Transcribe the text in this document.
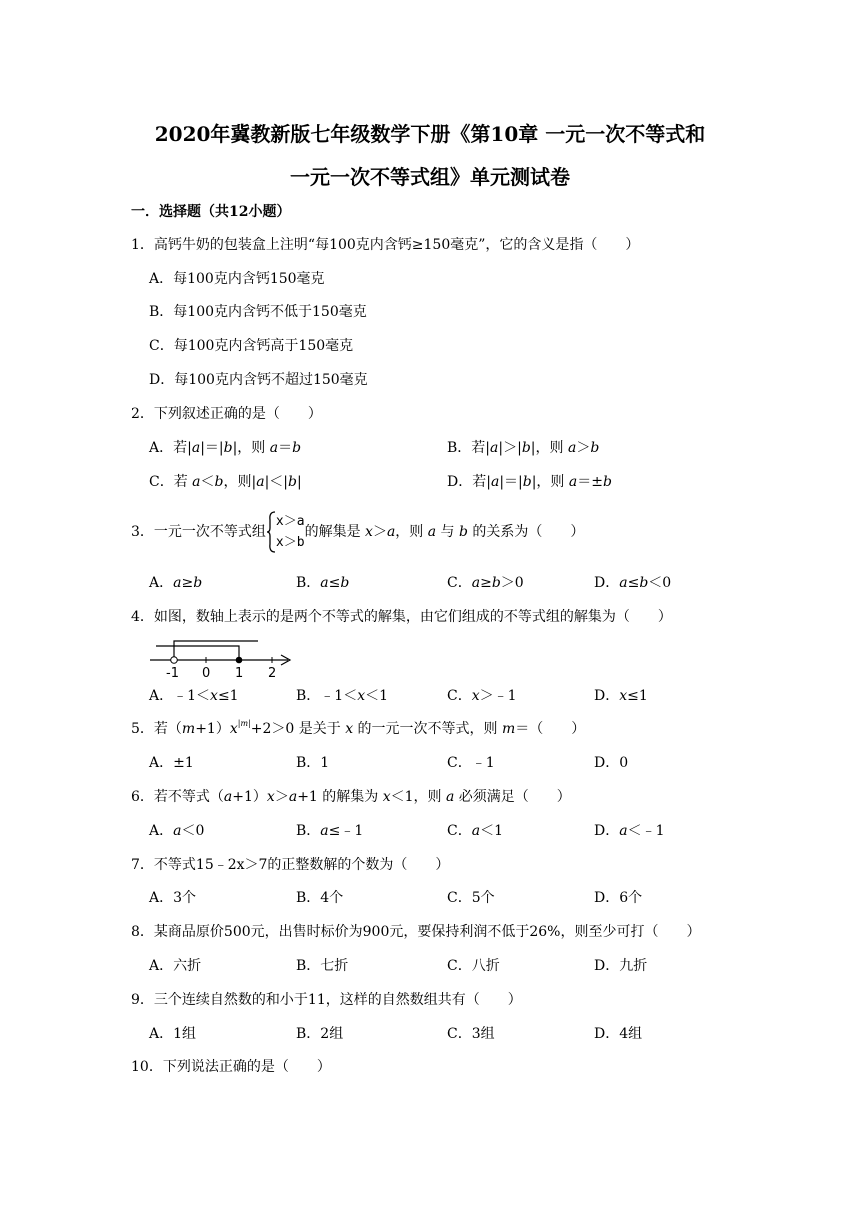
2020年冀教新版七年级数学下册《第10章 一元一次不等式和
一元一次不等式组》单元测试卷
一．选择题（共12小题）
1．高钙牛奶的包装盒上注明“每100克内含钙≥150毫克”，它的含义是指（　　）
A．每100克内含钙150毫克
B．每100克内含钙不低于150毫克
C．每100克内含钙高于150毫克
D．每100克内含钙不超过150毫克
2．下列叙述正确的是（　　）
A．若|a|＝|b|，则 a＝b	B．若|a|＞|b|，则 a＞b
C．若 a＜b，则|a|＜|b|	D．若|a|＝|b|，则 a＝±b
3．一元一次不等式组x＞a
x＞b的解集是 x＞a，则 a 与 b 的关系为（　　）
A．a≥b	B．a≤b	C．a≥b＞0	D．a≤b＜0
4．如图，数轴上表示的是两个不等式的解集，由它们组成的不等式组的解集为（　　）
-1 0 1 2
A．﹣1＜x≤1	B．﹣1＜x＜1	C．x＞﹣1	D．x≤1
5．若$(m+1)x^{|m|}+2>0$ 是关于 x 的一元一次不等式，则 m＝（　　）
A．±1	B．1	C．﹣1	D．0
6．若不等式（a+1）x＞a+1 的解集为 x＜1，则 a 必须满足（　　）
A．a＜0	B．a≤﹣1	C．a＜1	D．a＜﹣1
7．不等式15﹣2x＞7的正整数解的个数为（　　）
A．3个	B．4个	C．5个	D．6个
8．某商品原价500元，出售时标价为900元，要保持利润不低于26%，则至少可打（　　）
A．六折	B．七折	C．八折	D．九折
9．三个连续自然数的和小于11，这样的自然数组共有（　　）
A．1组	B．2组	C．3组	D．4组
10．下列说法正确的是（　　）
